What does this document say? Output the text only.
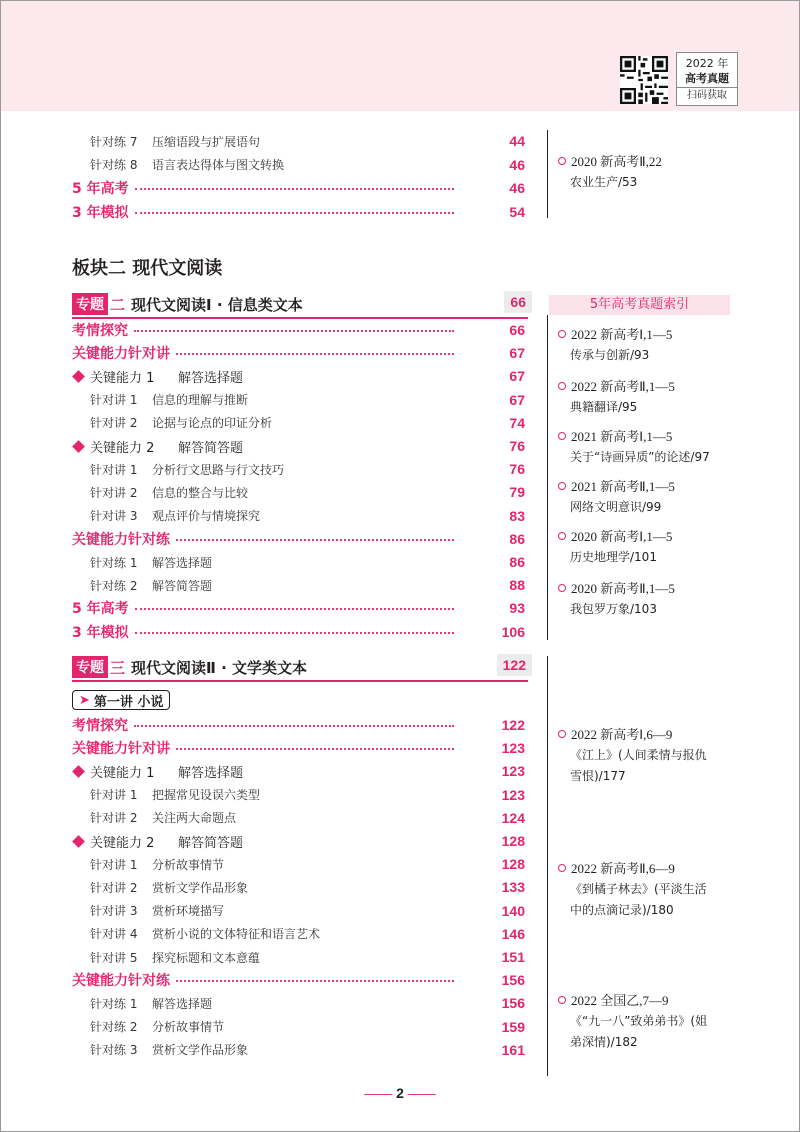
2022 年
高考真题
扫码获取
针对练 7 压缩语段与扩展语句	44
针对练 8 语言表达得体与图文转换	46
5 年高考	46
3 年模拟	54
2020 新高考Ⅱ,22
农业生产/53
板块二 现代文阅读
专题 二 现代文阅读Ⅰ · 信息类文本	66
考情探究	66
关键能力针对讲	67
关键能力 1 解答选择题	67
针对讲 1 信息的理解与推断	67
针对讲 2 论据与论点的印证分析	74
关键能力 2 解答简答题	76
针对讲 1 分析行文思路与行文技巧	76
针对讲 2 信息的整合与比较	79
针对讲 3 观点评价与情境探究	83
关键能力针对练	86
针对练 1 解答选择题	86
针对练 2 解答简答题	88
5 年高考	93
3 年模拟	106
5年高考真题索引
2022 新高考Ⅰ,1—5
传承与创新/93
2022 新高考Ⅱ,1—5
典籍翻译/95
2021 新高考Ⅰ,1—5
关于“诗画异质”的论述/97
2021 新高考Ⅱ,1—5
网络文明意识/99
2020 新高考Ⅰ,1—5
历史地理学/101
2020 新高考Ⅱ,1—5
我包罗万象/103
专题 三 现代文阅读Ⅱ · 文学类文本	122
➤ 第一讲 小说
考情探究	122
关键能力针对讲	123
关键能力 1 解答选择题	123
针对讲 1 把握常见设误六类型	123
针对讲 2 关注两大命题点	124
关键能力 2 解答简答题	128
针对讲 1 分析故事情节	128
针对讲 2 赏析文学作品形象	133
针对讲 3 赏析环境描写	140
针对讲 4 赏析小说的文体特征和语言艺术	146
针对讲 5 探究标题和文本意蕴	151
关键能力针对练	156
针对练 1 解答选择题	156
针对练 2 分析故事情节	159
针对练 3 赏析文学作品形象	161
2022 新高考Ⅰ,6—9
《江上》(人间柔情与报仇
雪恨)/177
2022 新高考Ⅱ,6—9
《到橘子林去》(平淡生活
中的点滴记录)/180
2022 全国乙,7—9
《“九一八”致弟弟书》(姐
弟深情)/182
—— 2 ——
